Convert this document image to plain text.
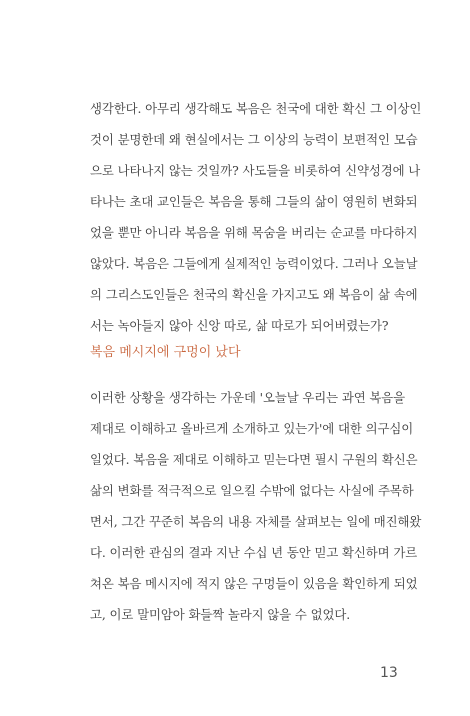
생각한다. 아무리 생각해도 복음은 천국에 대한 확신 그 이상인
것이 분명한데 왜 현실에서는 그 이상의 능력이 보편적인 모습
으로 나타나지 않는 것일까? 사도들을 비롯하여 신약성경에 나
타나는 초대 교인들은 복음을 통해 그들의 삶이 영원히 변화되
었을 뿐만 아니라 복음을 위해 목숨을 버리는 순교를 마다하지
않았다. 복음은 그들에게 실제적인 능력이었다. 그러나 오늘날
의 그리스도인들은 천국의 확신을 가지고도 왜 복음이 삶 속에
서는 녹아들지 않아 신앙 따로, 삶 따로가 되어버렸는가?
복음 메시지에 구멍이 났다
이러한 상황을 생각하는 가운데 '오늘날 우리는 과연 복음을
제대로 이해하고 올바르게 소개하고 있는가'에 대한 의구심이
일었다. 복음을 제대로 이해하고 믿는다면 필시 구원의 확신은
삶의 변화를 적극적으로 일으킬 수밖에 없다는 사실에 주목하
면서, 그간 꾸준히 복음의 내용 자체를 살펴보는 일에 매진해왔
다. 이러한 관심의 결과 지난 수십 년 동안 믿고 확신하며 가르
쳐온 복음 메시지에 적지 않은 구멍들이 있음을 확인하게 되었
고, 이로 말미암아 화들짝 놀라지 않을 수 없었다.
13
